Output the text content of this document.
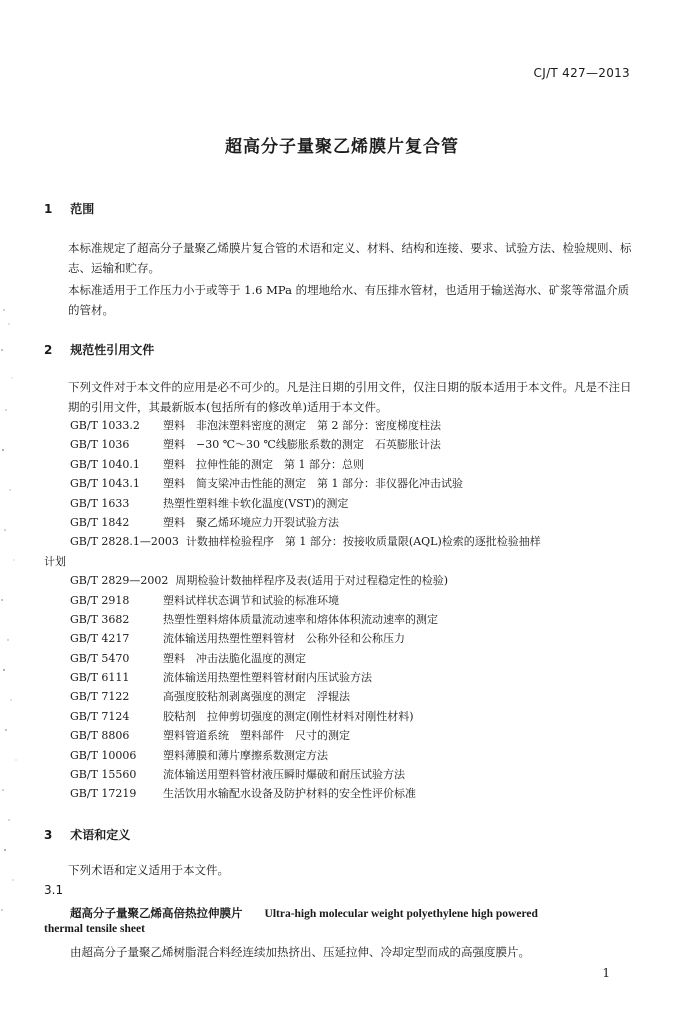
CJ/T 427—2013
超高分子量聚乙烯膜片复合管
1 范围
本标准规定了超高分子量聚乙烯膜片复合管的术语和定义、材料、结构和连接、要求、试验方法、检验规则、标志、运输和贮存。
本标准适用于工作压力小于或等于 1.6 MPa 的埋地给水、有压排水管材，也适用于输送海水、矿浆等常温介质的管材。
2 规范性引用文件
下列文件对于本文件的应用是必不可少的。凡是注日期的引用文件，仅注日期的版本适用于本文件。凡是不注日期的引用文件，其最新版本(包括所有的修改单)适用于本文件。
GB/T 1033.2 塑料　非泡沫塑料密度的测定　第 2 部分：密度梯度柱法
GB/T 1036	塑料　−30 ℃～30 ℃线膨胀系数的测定　石英膨胀计法
GB/T 1040.1 塑料　拉伸性能的测定　第 1 部分：总则
GB/T 1043.1 塑料　简支梁冲击性能的测定　第 1 部分：非仪器化冲击试验
GB/T 1633	热塑性塑料维卡软化温度(VST)的测定
GB/T 1842	塑料　聚乙烯环境应力开裂试验方法
GB/T 2828.1—2003 计数抽样检验程序　第 1 部分：按接收质量限(AQL)检索的逐批检验抽样
计划
GB/T 2829—2002 周期检验计数抽样程序及表(适用于对过程稳定性的检验)
GB/T 2918	塑料试样状态调节和试验的标准环境
GB/T 3682	热塑性塑料熔体质量流动速率和熔体体积流动速率的测定
GB/T 4217	流体输送用热塑性塑料管材　公称外径和公称压力
GB/T 5470	塑料　冲击法脆化温度的测定
GB/T 6111	流体输送用热塑性塑料管材耐内压试验方法
GB/T 7122	高强度胶粘剂剥离强度的测定　浮辊法
GB/T 7124	胶粘剂　拉伸剪切强度的测定(刚性材料对刚性材料)
GB/T 8806	塑料管道系统　塑料部件　尺寸的测定
GB/T 10006 塑料薄膜和薄片摩擦系数测定方法
GB/T 15560 流体输送用塑料管材液压瞬时爆破和耐压试验方法
GB/T 17219 生活饮用水输配水设备及防护材料的安全性评价标准
3 术语和定义
下列术语和定义适用于本文件。
3.1
超高分子量聚乙烯高倍热拉伸膜片 Ultra-high molecular weight polyethylene high powered
thermal tensile sheet
由超高分子量聚乙烯树脂混合料经连续加热挤出、压延拉伸、冷却定型而成的高强度膜片。
1
